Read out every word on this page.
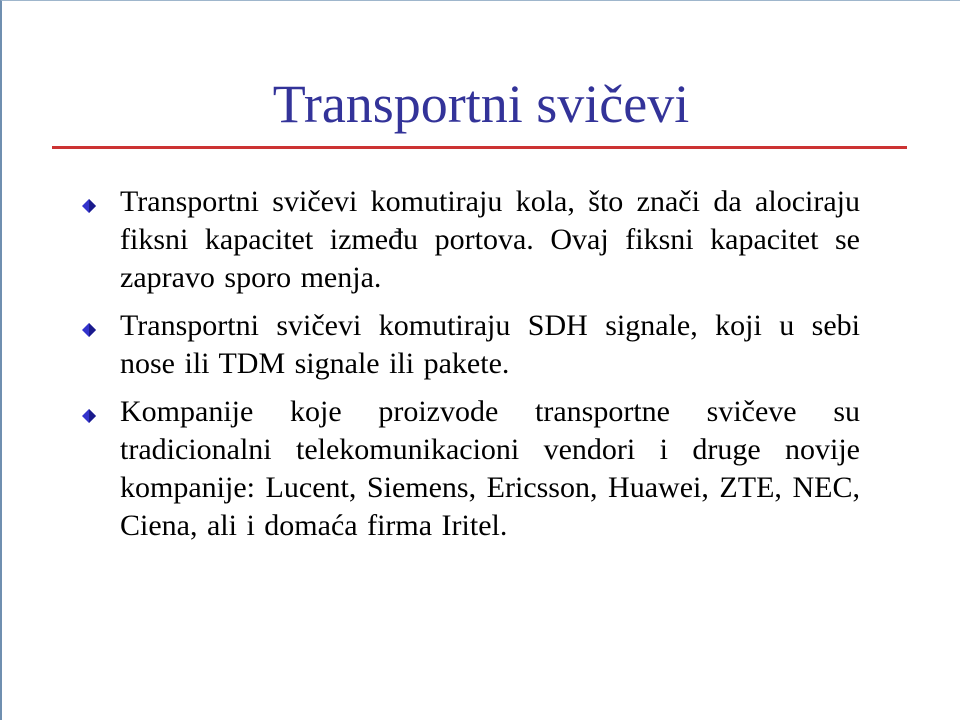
Transportni svičevi
Transportni svičevi komutiraju kola, što znači da alociraju fiksni kapacitet između portova. Ovaj fiksni kapacitet se zapravo sporo menja.
Transportni svičevi komutiraju SDH signale, koji u sebi nose ili TDM signale ili pakete.
Kompanije koje proizvode transportne svičeve su tradicionalni telekomunikacioni vendori i druge novije kompanije: Lucent, Siemens, Ericsson, Huawei, ZTE, NEC, Ciena, ali i domaća firma Iritel.
